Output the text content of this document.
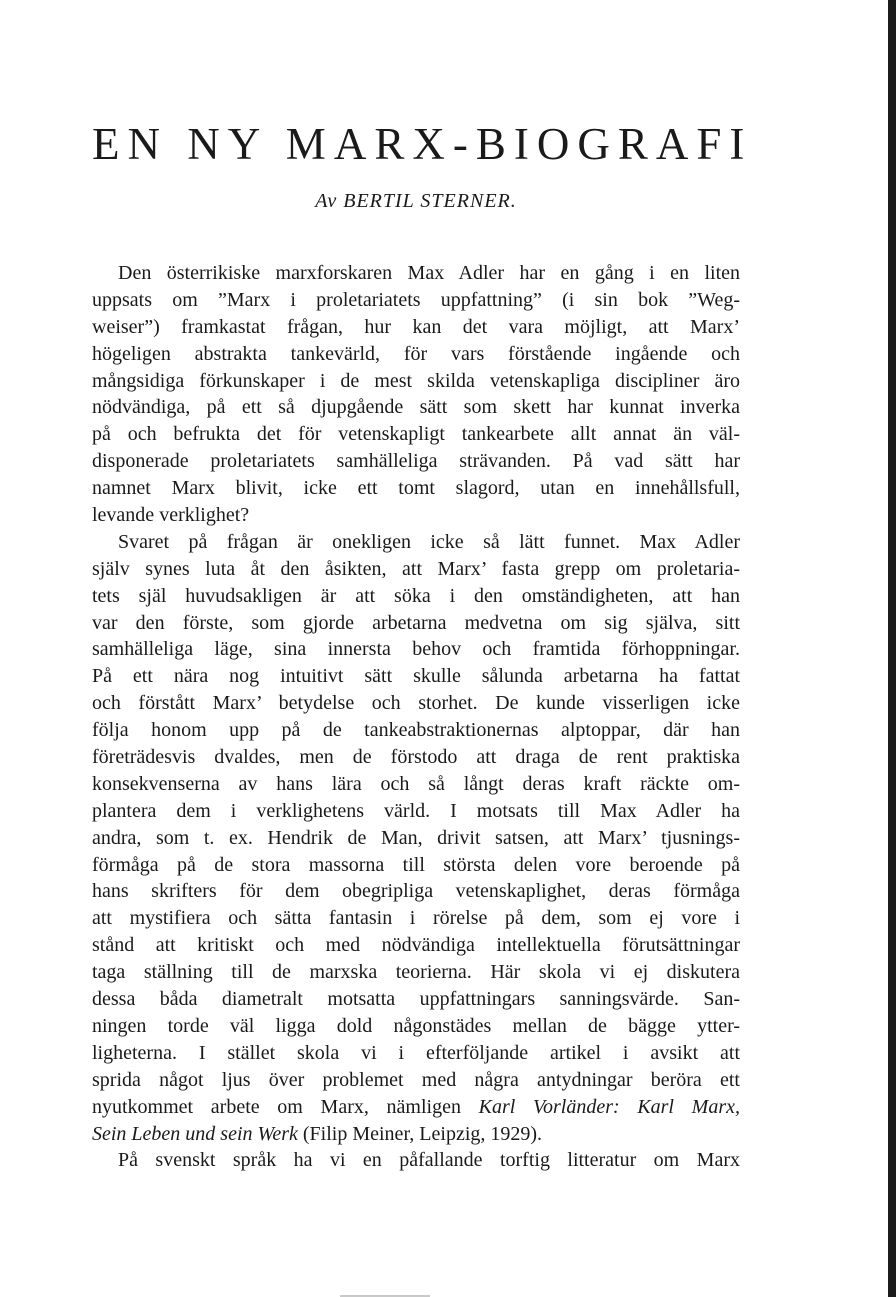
EN NY MARX-BIOGRAFI
Av BERTIL STERNER.
Den österrikiske marxforskaren Max Adler har en gång i en liten
uppsats om ”Marx i proletariatets uppfattning” (i sin bok ”Weg-
weiser”) framkastat frågan, hur kan det vara möjligt, att Marx’
högeligen abstrakta tankevärld, för vars förstående ingående och
mångsidiga förkunskaper i de mest skilda vetenskapliga discipliner äro
nödvändiga, på ett så djupgående sätt som skett har kunnat inverka
på och befrukta det för vetenskapligt tankearbete allt annat än väl-
disponerade proletariatets samhälleliga strävanden. På vad sätt har
namnet Marx blivit, icke ett tomt slagord, utan en innehållsfull,
levande verklighet?
Svaret på frågan är onekligen icke så lätt funnet. Max Adler
själv synes luta åt den åsikten, att Marx’ fasta grepp om proletaria-
tets själ huvudsakligen är att söka i den omständigheten, att han
var den förste, som gjorde arbetarna medvetna om sig själva, sitt
samhälleliga läge, sina innersta behov och framtida förhoppningar.
På ett nära nog intuitivt sätt skulle sålunda arbetarna ha fattat
och förstått Marx’ betydelse och storhet. De kunde visserligen icke
följa honom upp på de tankeabstraktionernas alptoppar, där han
företrädesvis dvaldes, men de förstodo att draga de rent praktiska
konsekvenserna av hans lära och så långt deras kraft räckte om-
plantera dem i verklighetens värld. I motsats till Max Adler ha
andra, som t. ex. Hendrik de Man, drivit satsen, att Marx’ tjusnings-
förmåga på de stora massorna till största delen vore beroende på
hans skrifters för dem obegripliga vetenskaplighet, deras förmåga
att mystifiera och sätta fantasin i rörelse på dem, som ej vore i
stånd att kritiskt och med nödvändiga intellektuella förutsättningar
taga ställning till de marxska teorierna. Här skola vi ej diskutera
dessa båda diametralt motsatta uppfattningars sanningsvärde. San-
ningen torde väl ligga dold någonstädes mellan de bägge ytter-
ligheterna. I stället skola vi i efterföljande artikel i avsikt att
sprida något ljus över problemet med några antydningar beröra ett
nyutkommet arbete om Marx, nämligen Karl Vorländer: Karl Marx,
Sein Leben und sein Werk (Filip Meiner, Leipzig, 1929).
På svenskt språk ha vi en påfallande torftig litteratur om Marx
